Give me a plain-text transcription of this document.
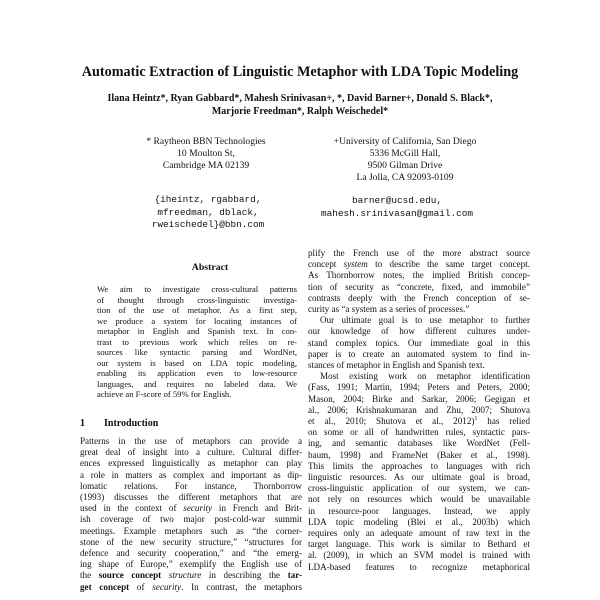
Automatic Extraction of Linguistic Metaphor with LDA Topic Modeling
Ilana Heintz*, Ryan Gabbard*, Mahesh Srinivasan+, *, David Barner+, Donald S. Black*,
Marjorie Freedman*, Ralph Weischedel*
* Raytheon BBN Technologies
10 Moulton St,
Cambridge MA 02139
+University of California, San Diego
5336 McGill Hall,
9500 Gilman Drive
La Jolla, CA 92093-0109
{iheintz, rgabbard,
mfreedman, dblack,
rweischedel}@bbn.com
barner@ucsd.edu,
mahesh.srinivasan@gmail.com
Abstract
We aim to investigate cross-cultural patterns
of thought through cross-linguistic investiga-
tion of the use of metaphor. As a first step,
we produce a system for locating instances of
metaphor in English and Spanish text. In con-
trast to previous work which relies on re-
sources like syntactic parsing and WordNet,
our system is based on LDA topic modeling,
enabling its application even to low-resource
languages, and requires no labeled data. We
achieve an F-score of 59% for English.
1 Introduction
Patterns in the use of metaphors can provide a
great deal of insight into a culture. Cultural differ-
ences expressed linguistically as metaphor can play
a role in matters as complex and important as dip-
lomatic relations. For instance, Thornborrow
(1993) discusses the different metaphors that are
used in the context of security in French and Brit-
ish coverage of two major post-cold-war summit
meetings. Example metaphors such as “the corner-
stone of the new security structure,” “structures for
defence and security cooperation,” and “the emerg-
ing shape of Europe,” exemplify the English use of
the source concept structure in describing the tar-
get concept of security. In contrast, the metaphors
plify the French use of the more abstract source
concept system to describe the same target concept.
As Thornborrow notes, the implied British concep-
tion of security as “concrete, fixed, and immobile”
contrasts deeply with the French conception of se-
curity as “a system as a series of processes.”
Our ultimate goal is to use metaphor to further
our knowledge of how different cultures under-
stand complex topics. Our immediate goal in this
paper is to create an automated system to find in-
stances of metaphor in English and Spanish text.
Most existing work on metaphor identification
(Fass, 1991; Martin, 1994; Peters and Peters, 2000;
Mason, 2004; Birke and Sarkar, 2006; Gegigan et
al., 2006; Krishnakumaran and Zhu, 2007; Shutova
et al., 2010; Shutova et al., 2012)$^1$ has relied
on some or all of handwritten rules, syntactic pars-
ing, and semantic databases like WordNet (Fell-
baum, 1998) and FrameNet (Baker et al., 1998).
This limits the approaches to languages with rich
linguistic resources. As our ultimate goal is broad,
cross-linguistic application of our system, we can-
not rely on resources which would be unavailable
in resource-poor languages. Instead, we apply
LDA topic modeling (Blei et al., 2003b) which
requires only an adequate amount of raw text in the
target language. This work is similar to Bethard et
al. (2009), in which an SVM model is trained with
LDA-based features to recognize metaphorical
